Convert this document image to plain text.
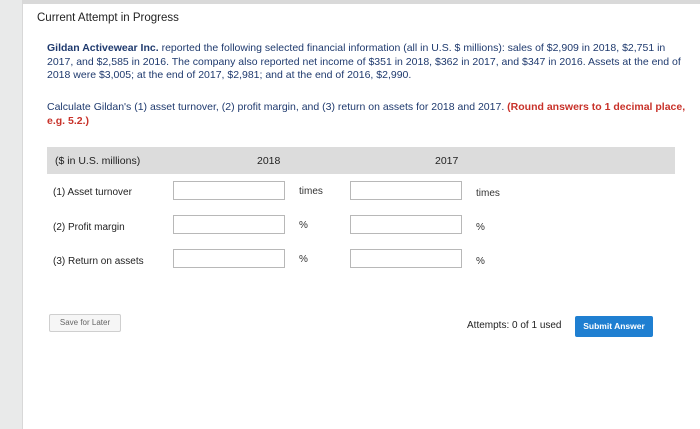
Current Attempt in Progress
Gildan Activewear Inc. reported the following selected financial information (all in U.S. $ millions): sales of $2,909 in 2018, $2,751 in 2017, and $2,585 in 2016. The company also reported net income of $351 in 2018, $362 in 2017, and $347 in 2016. Assets at the end of 2018 were $3,005; at the end of 2017, $2,981; and at the end of 2016, $2,990.
Calculate Gildan's (1) asset turnover, (2) profit margin, and (3) return on assets for 2018 and 2017. (Round answers to 1 decimal place, e.g. 5.2.)
($ in U.S. millions)	2018	2017
(1) Asset turnover	times	times
(2) Profit margin	%	%
(3) Return on assets	%	%
Save for Later	Attempts: 0 of 1 used	Submit Answer
